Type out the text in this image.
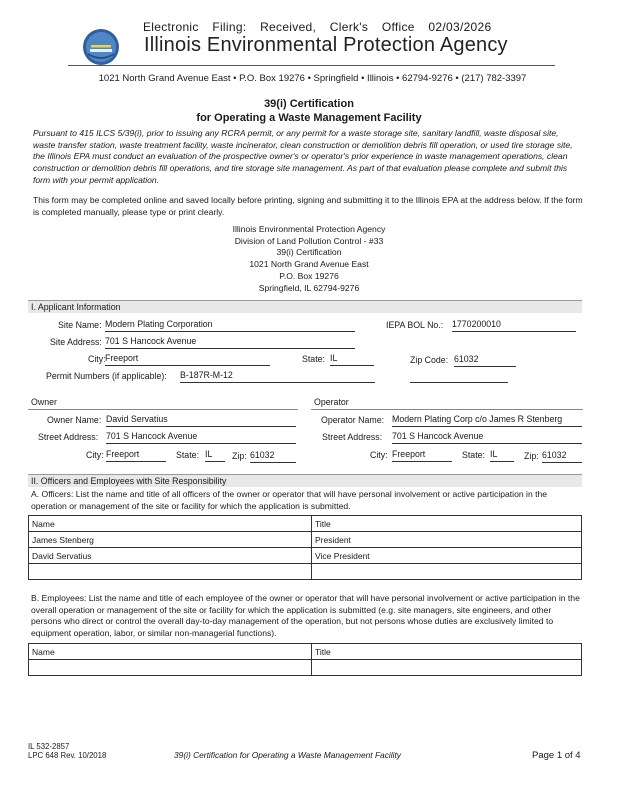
Electronic Filing: Received, Clerk's Office 02/03/2026
Illinois Environmental Protection Agency
1021 North Grand Avenue East • P.O. Box 19276 • Springfield • Illinois • 62794-9276 • (217) 782-3397
39(i) Certification
for Operating a Waste Management Facility
Pursuant to 415 ILCS 5/39(i), prior to issuing any RCRA permit, or any permit for a waste storage site, sanitary landfill, waste disposal site, waste transfer station, waste treatment facility, waste incinerator, clean construction or demolition debris fill operation, or used tire storage site, the Illinois EPA must conduct an evaluation of the prospective owner's or operator's prior experience in waste management operations, clean construction or demolition debris fill operations, and tire storage site management. As part of that evaluation please complete and submit this form with your permit application.
This form may be completed online and saved locally before printing, signing and submitting it to the Illinois EPA at the address below. If the form is completed manually, please type or print clearly.
Illinois Environmental Protection Agency
Division of Land Pollution Control - #33
39(i) Certification
1021 North Grand Avenue East
P.O. Box 19276
Springfield, IL 62794-9276
I. Applicant Information
Site Name: Modern Plating Corporation	IEPA BOL No.: 1770200010
Site Address: 701 S Hancock Avenue
City: Freeport	State: IL	Zip Code: 61032
Permit Numbers (if applicable): B-187R-M-12
Owner	Operator
Owner Name: David Servatius	Operator Name: Modern Plating Corp c/o James R Stenberg
Street Address: 701 S Hancock Avenue	Street Address: 701 S Hancock Avenue
City: Freeport	State: IL	Zip: 61032	City: Freeport	State: IL	Zip: 61032
II. Officers and Employees with Site Responsibility
A. Officers: List the name and title of all officers of the owner or operator that will have personal involvement or active participation in the operation or management of the site or facility for which the application is submitted.
Name	Title
James Stenberg	President
David Servatius	Vice President

B. Employees: List the name and title of each employee of the owner or operator that will have personal involvement or active participation in the overall operation or management of the site or facility for which the application is submitted (e.g. site managers, site engineers, and other persons who direct or control the overall day-to-day management of the operation, but not persons whose duties are exclusively limited to equipment operation, labor, or similar non-managerial functions).
Name	Title

IL 532-2857
LPC 648 Rev. 10/2018	39(i) Certification for Operating a Waste Management Facility	Page 1 of 4
